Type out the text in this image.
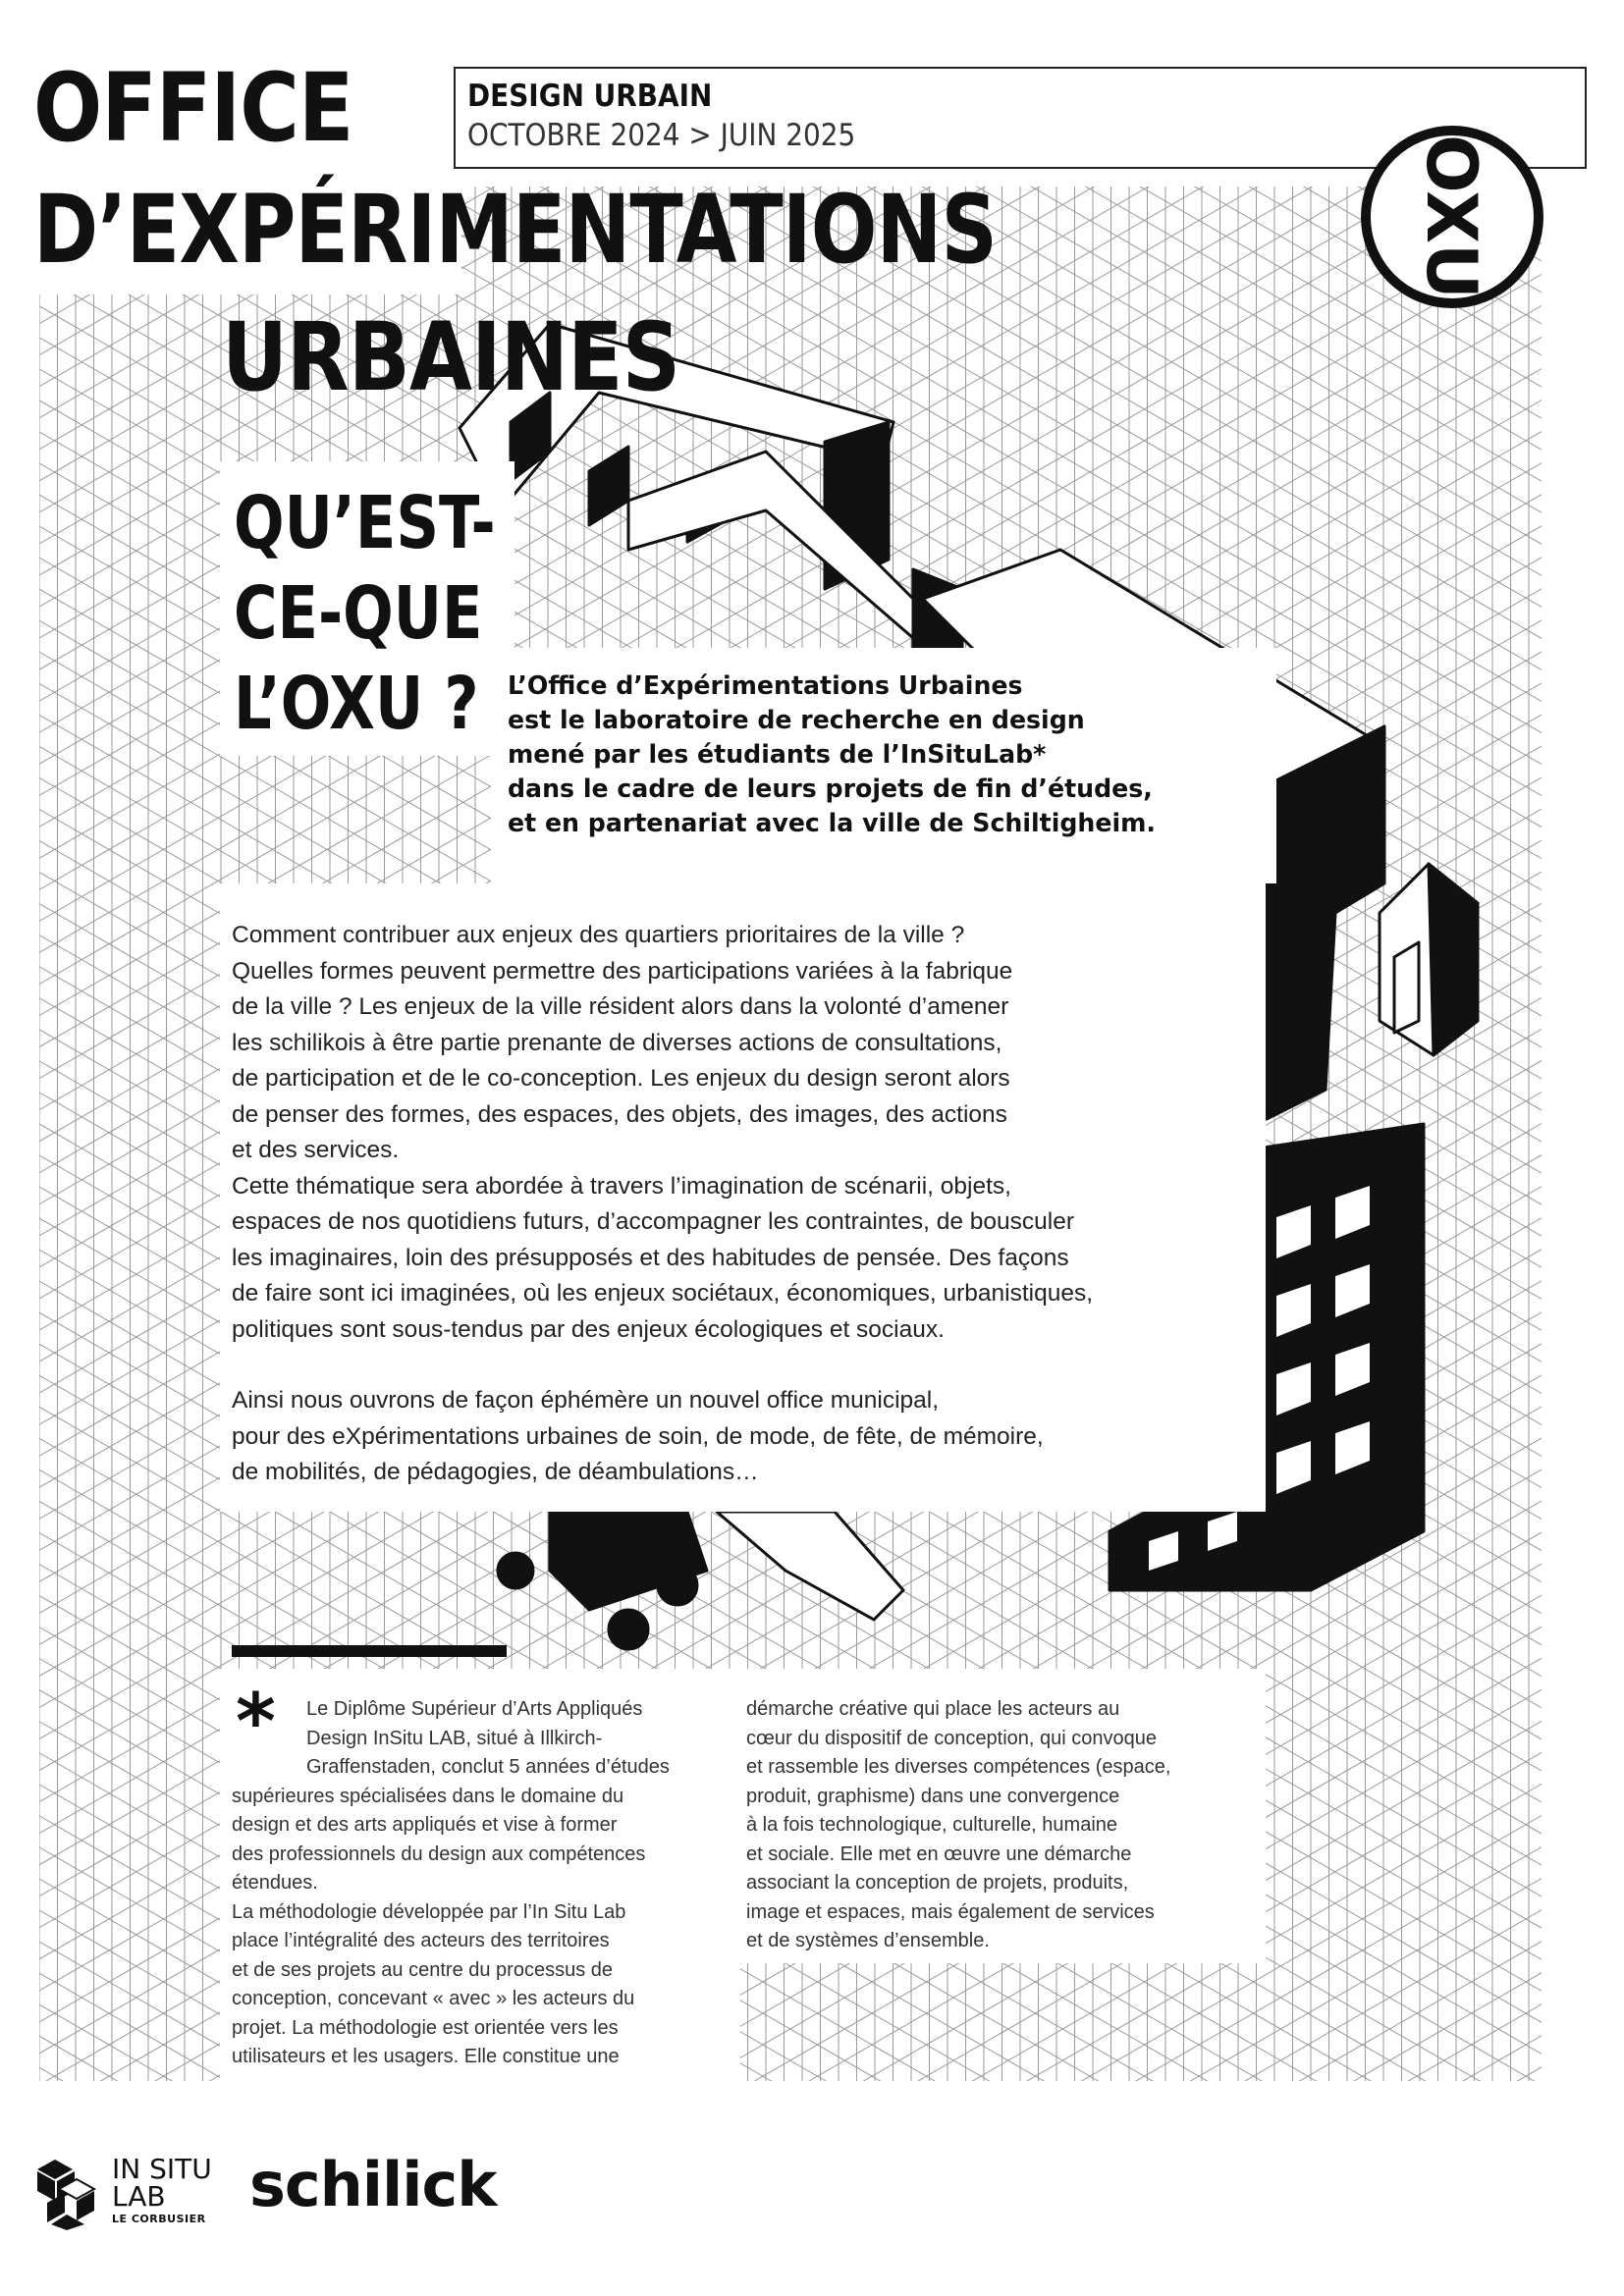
OFFICE
D’EXPÉRIMENTATIONS
URBAINES
DESIGN URBAIN
OCTOBRE 2024 > JUIN 2025	OXU
QU’EST-
CE-QUE
L’OXU ? L’Office d’Expérimentations Urbaines
est le laboratoire de recherche en design
mené par les étudiants de l’InSituLab*
dans le cadre de leurs projets de fin d’études,
et en partenariat avec la ville de Schiltigheim.
Comment contribuer aux enjeux des quartiers prioritaires de la ville ?
Quelles formes peuvent permettre des participations variées à la fabrique
de la ville ? Les enjeux de la ville résident alors dans la volonté d’amener
les schilikois à être partie prenante de diverses actions de consultations,
de participation et de le co-conception. Les enjeux du design seront alors
de penser des formes, des espaces, des objets, des images, des actions
et des services.
Cette thématique sera abordée à travers l’imagination de scénarii, objets,
espaces de nos quotidiens futurs, d’accompagner les contraintes, de bousculer
les imaginaires, loin des présupposés et des habitudes de pensée. Des façons
de faire sont ici imaginées, où les enjeux sociétaux, économiques, urbanistiques,
politiques sont sous-tendus par des enjeux écologiques et sociaux.
Ainsi nous ouvrons de façon éphémère un nouvel office municipal,
pour des eXpérimentations urbaines de soin, de mode, de fête, de mémoire,
de mobilités, de pédagogies, de déambulations…
*	Le Diplôme Supérieur d’Arts Appliqués
Design InSitu LAB, situé à Illkirch-
Graffenstaden, conclut 5 années d’études
supérieures spécialisées dans le domaine du
design et des arts appliqués et vise à former
des professionnels du design aux compétences
étendues.
La méthodologie développée par l’In Situ Lab
place l’intégralité des acteurs des territoires
et de ses projets au centre du processus de
conception, concevant « avec » les acteurs du
projet. La méthodologie est orientée vers les
utilisateurs et les usagers. Elle constitue une
démarche créative qui place les acteurs au
cœur du dispositif de conception, qui convoque
et rassemble les diverses compétences (espace,
produit, graphisme) dans une convergence
à la fois technologique, culturelle, humaine
et sociale. Elle met en œuvre une démarche
associant la conception de projets, produits,
image et espaces, mais également de services
et de systèmes d’ensemble.
IN SITU
LAB
LE CORBUSIER schilick
